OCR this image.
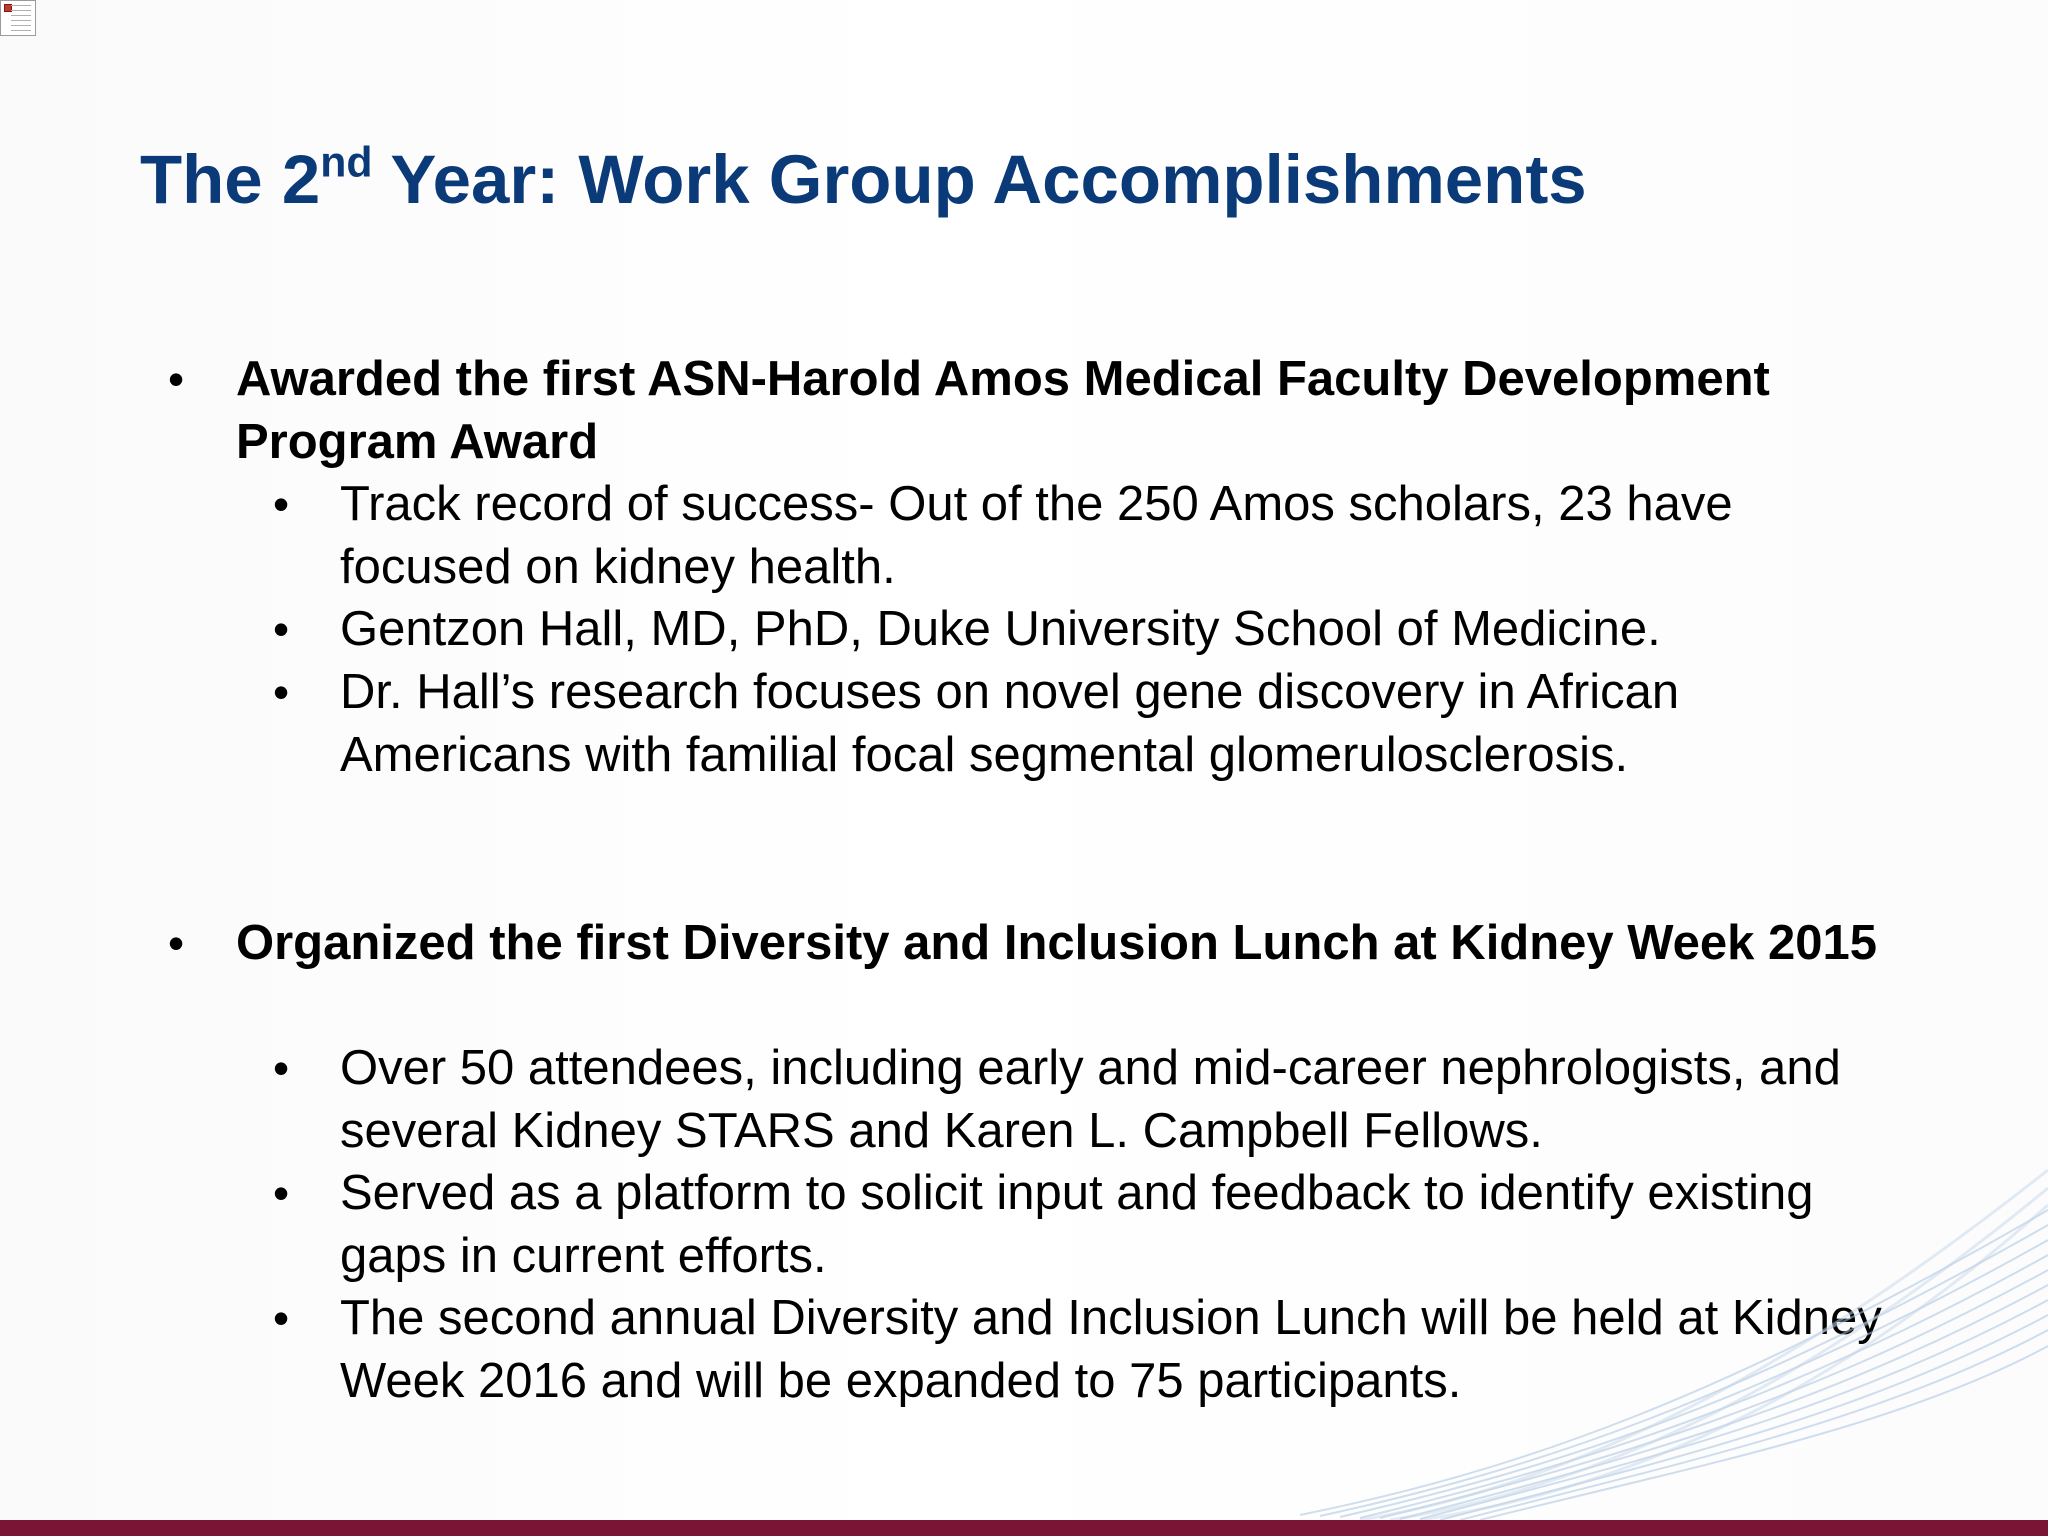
The 2nd Year: Work Group Accomplishments
• Awarded the first ASN-Harold Amos Medical Faculty Development Program Award
• Track record of success- Out of the 250 Amos scholars, 23 have focused on kidney health.
• Gentzon Hall, MD, PhD, Duke University School of Medicine.
• Dr. Hall’s research focuses on novel gene discovery in African Americans with familial focal segmental glomerulosclerosis.
• Organized the first Diversity and Inclusion Lunch at Kidney Week 2015
• Over 50 attendees, including early and mid-career nephrologists, and several Kidney STARS and Karen L. Campbell Fellows.
• Served as a platform to solicit input and feedback to identify existing gaps in current efforts.
• The second annual Diversity and Inclusion Lunch will be held at Kidney Week 2016 and will be expanded to 75 participants.
